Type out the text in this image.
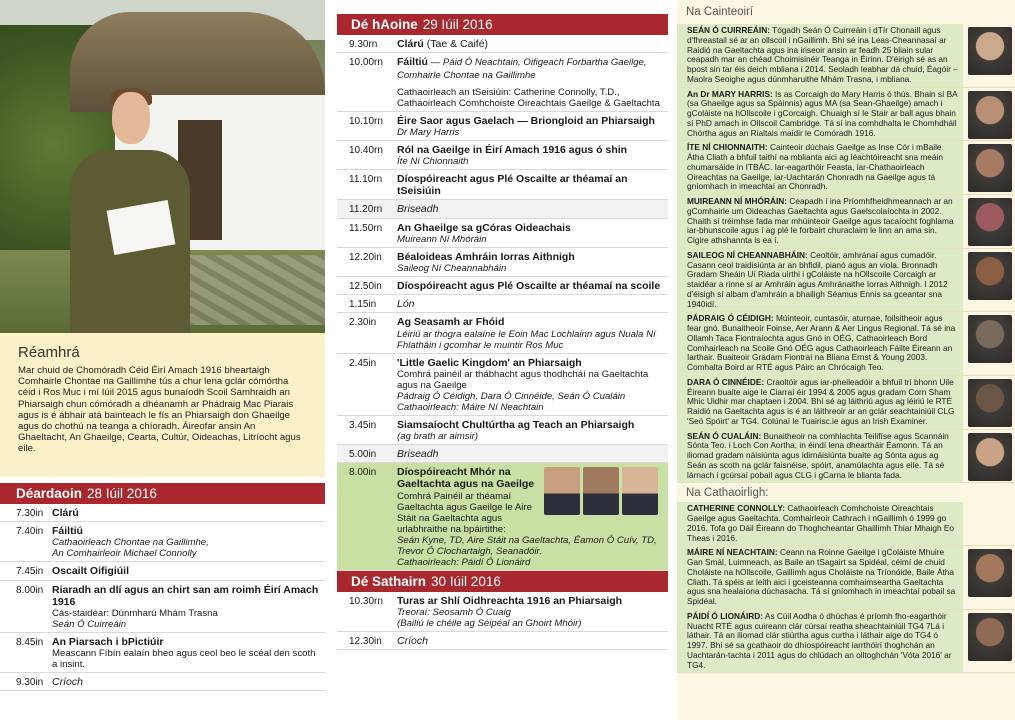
Réamhrá

Mar chuid de Chomóradh Céid Éirí Amach 1916 bheartaigh Comhairle Chontae na Gaillimhe tús a chur lena gclár cómórtha céid i Ros Muc i mí Iúil 2015 agus bunaíodh Scoil Samhraidh an Phiarsaigh chun cómóradh a dhéanamh ar Phádraig Mac Piarais agus is é ábhair atá bainteach le fís an Phiarsaigh don Ghaeilge agus do chothú na teanga a chíoradh. Áireofar ansin An Ghaeltacht, An Ghaeilge, Cearta, Cultúr, Oideachas, Litríocht agus eile.

Déardaoin 28 Iúil 2016
7.30in Clárú
7.40in Fáiltiú
Cathaoirleach Chontae na Gaillimhe,
An Comhairleoir Michael Connolly
7.45in Oscailt Oifigiúil
8.00in Riaradh an dlí agus an chirt san am roimh Éirí Amach 1916
Cás-staidéar: Dúnmharú Mhám Trasna
Seán Ó Cuirreáin
8.45in An Piarsach i bPictiúir
Meascann Fíbín ealaín bheo agus ceol beo le scéal den scoth a insint.
9.30in Críoch
Dé hAoine 29 Iúil 2016
9.30rn	Clárú (Tae & Caifé)
10.00rn	Fáiltiú — Páid Ó Neachtain, Oifigeach Forbartha Gaeilge, Comhairle Chontae na Gaillimhe
Cathaoirleach an tSeisiúin: Catherine Connolly, T.D., Cathaoirleach Comhchoiste Oireachtais Gaeilge & Gaeltachta
10.10rn	Éire Saor agus Gaelach — Briongloid an Phiarsaigh
Dr Mary Harris
10.40rn	Ról na Gaeilge in Éirí Amach 1916 agus ó shin
Íte Ní Chionnaith
11.10rn	Díospóireacht agus Plé Oscailte ar théamaí an tSeisiúin
11.20rn	Briseadh
11.50rn	An Ghaeilge sa gCóras Oideachais
Muireann Ní Mhóráin
12.20in	Béaloideas Amhráin Iorras Aithnigh
Saileog Ní Cheannabháin
12.50in	Díospóireacht agus Plé Oscailte ar théamaí na scoile
1.15in	Lón
2.30in	Ag Seasamh ar Fhóid
Léiriú ar thogra ealaíne le Eoin Mac Lochlainn agus Nuala Ní Fhlatháin i gcomhar le muintir Ros Muc
2.45in	'Little Gaelic Kingdom' an Phiarsaigh
Comhrá painéil ar thábhacht agus thodhcháí na Gaeltachta agus na Gaeilge
Pádraig Ó Céidigh, Dara Ó Cinnéide, Seán Ó Cualáin
Cathaoirleach: Máire Ní Neachtain
3.45in	Siamsaíocht Chultúrtha ag Teach an Phiarsaigh
(ag brath ar aimsir)
5.00in	Briseadh
8.00in	Díospóireacht Mhór na Gaeltachta agus na Gaeilge
Comhrá Painéil ar théamaí Gaeltachta agus Gaeilge le Aire Stáit na Gaeltachta agus urlabhraithe na bpáirtithe:
Seán Kyne, TD, Aire Stáit na Gaeltachta, Éamon Ó Cuív, TD, Trevor Ó Clochartaigh, Seanadóir.
Cathaoirleach: Páidí Ó Lionáird
Dé Sathairn 30 Iúil 2016
10.30rn	Turas ar Shlí Oidhreachta 1916 an Phiarsaigh
Treoraí: Seosamh Ó Cuaig
(Bailiú le chéile ag Séipéal an Ghoirt Mhóir)
12.30in	Críoch
Na Cainteoirí
SEÁN Ó CUIRREÁIN: Tógadh Seán Ó Cuirreáin i dTír Chonaill agus d'fhreastail sé ar an ollscoil i nGaillimh. Bhí sé ina Leas-Cheannasaí ar Raidió na Gaeltachta agus ina iriseoir ansin ar feadh 25 bliain sular ceapadh mar an chéad Choimisinéir Teanga in Éirinn. D'éirigh sé as an bpost sin tar éis deich mbliana i 2014. Seoladh leabhar dá chuid, Éagóir – Maolra Seoighe agus dúnmharuithe Mhám Trasna, i mbliana.
An Dr MARY HARRIS: Is as Corcaigh do Mary Harris ó thús. Bhain sí BA (sa Ghaeilge agus sa Spáinnis) agus MA (sa Sean-Ghaeilge) amach i gColáiste na hOllscoile i gCorcaigh. Chuaigh sí le Stair ar ball agus bhain sí PhD amach in Ollscoil Cambridge. Tá sí ina comhdhalta le Chomhdháil Chórtha agus an Rialtais maidir le Comóradh 1916.
ÍTE NÍ CHIONNAITH: Cainteoir dúchais Gaeilge as Inse Cór i mBaile Átha Cliath a bhfuil taithí na mblianta aici ag léachtóireacht sna meáin chumarsáide in ITBÁC. Iar-eagarthóir Feasta, iar-Chathaoirleach Oireachtas na Gaeilge, iar-Uachtarán Chonradh na Gaeilge agus tá gníomhach in imeachtaí an Chonradh.
MUIREANN NÍ MHÓRÁIN: Ceapadh í ina Príomhfheidhmeannach ar an gComhairle um Oideachas Gaeltachta agus Gaelscolaíochta in 2002. Chaith sí tréimhse fada mar mhúinteoir Gaeilge agus tacaíocht foghlama iar-bhunscoile agus í ag plé le forbairt churaclaim le linn an ama sin. Cigire athshanntа is ea í.
SAILEOG NÍ CHEANNABHÁIN: Ceoltóir, amhránaí agus cumadóir. Casann ceol traidisiúnta ar an bhfidil, pianó agus an viola. Bronnadh Gradam Sheáin Uí Riada uirthi i gColáiste na hOllscoile Corcaigh ar staidéar a rinne sí ar Amhráin agus Amhránaithe Iorras Aithnigh. I 2012 d'éisigh sí albam d'amhráin a bhailigh Séamus Ennis sa gceantar sna 1940idí.
PÁDRAIG Ó CÉIDIGH: Múinteoir, cuntasóir, aturnae, foilsitheoir agus fear gnó. Bunaitheoir Foinse, Aer Arann & Aer Lingus Regional. Tá sé ina Ollamh Taca Fiontraíochta agus Gnó in OÉG, Cathaoirleach Bord Comhairleach na Scoile Gnó OÉG agus Cathaoirleach Fáilte Éireann an Iarthair. Buaiteoir Gradam Fiontraí na Bliana Ernst & Young 2003. Comhalta Boird ar RTÉ agus Páirc an Chrócaigh Teo.
DARA Ó CINNÉIDE: Craoltóir agus iar-pheileadóir a bhfuil trí bhonn Uile Éireann buaite aige le Ciarraí éir 1994 & 2005 agus gradam Corn Sham Mhic Uidhir mar chaptaen i 2004. Bhí sé ag láithriú agus ag léiriú le RTÉ Raidió na Gaeltachta agus is é an láithreoir ar an gclár seachtainiúil CLG 'Seó Spóirt' ar TG4. Colúnaí le Tuairisc.ie agus an Irish Examiner.
SEÁN Ó CUALÁIN: Bunaitheoir na comhlachta Teilifíse agus Scannáin Sónta Teo. i Loch Con Aortha, in éindí lena dheartháir Éamonn. Tá an iliomad gradam náisiúnta agus idirnáisiúnta buaite ag Sónta agus ag Seán as scoth na gclár faisnéise, spóirt, anamúlachta agus eile. Tá sé lárnach i gcúrsaí pobail agus CLG i gCarna le blianta fada.
Na Cathaoirligh:
CATHERINE CONNOLLY: Cathaoirleach Comhchoiste Oireachtais Gaeilge agus Gaeltachta. Comhairleoir Cathrach i nGaillimh ó 1999 go 2016. Tofa go Dáil Éireann do Thoghcheantar Ghaillimh Thiar Mhaigh Eo Theas i 2016.
MÁIRE NÍ NEACHTAIN: Ceann na Roinne Gaeilge i gColáiste Mhuire Gan Smál, Luimneach, as Baile an tSagairt sa Spidéal, céimí de chuid Choláiste na hOllscoile, Gaillimh agus Choláiste na Tríonóide, Baile Átha Cliath. Tá spéis ar leith aici i gceisteanna comhaimseartha Gaeltachta agus sna healaíona dúchasacha. Tá sí gníomhach in imeachtaí pobail sa Spidéal.
PÁIDÍ Ó LIONÁIRD: As Cúil Aodha ó dhúchas é príomh fho-eagarthóir Nuacht RTÉ agus cuireann clár cúrsaí reatha sheachtainiúil TG4 7Lá i láthair. Tá an iliomad clár stiúrtha agus curtha i láthair aige do TG4 ó 1997. Bhí sé sa gcathaoir do dhíospóireacht iarrthóirí thoghchán an Uachtarán-tachta i 2011 agus do chlúdach an olltoghchán 'Vóta 2016' ar TG4.
